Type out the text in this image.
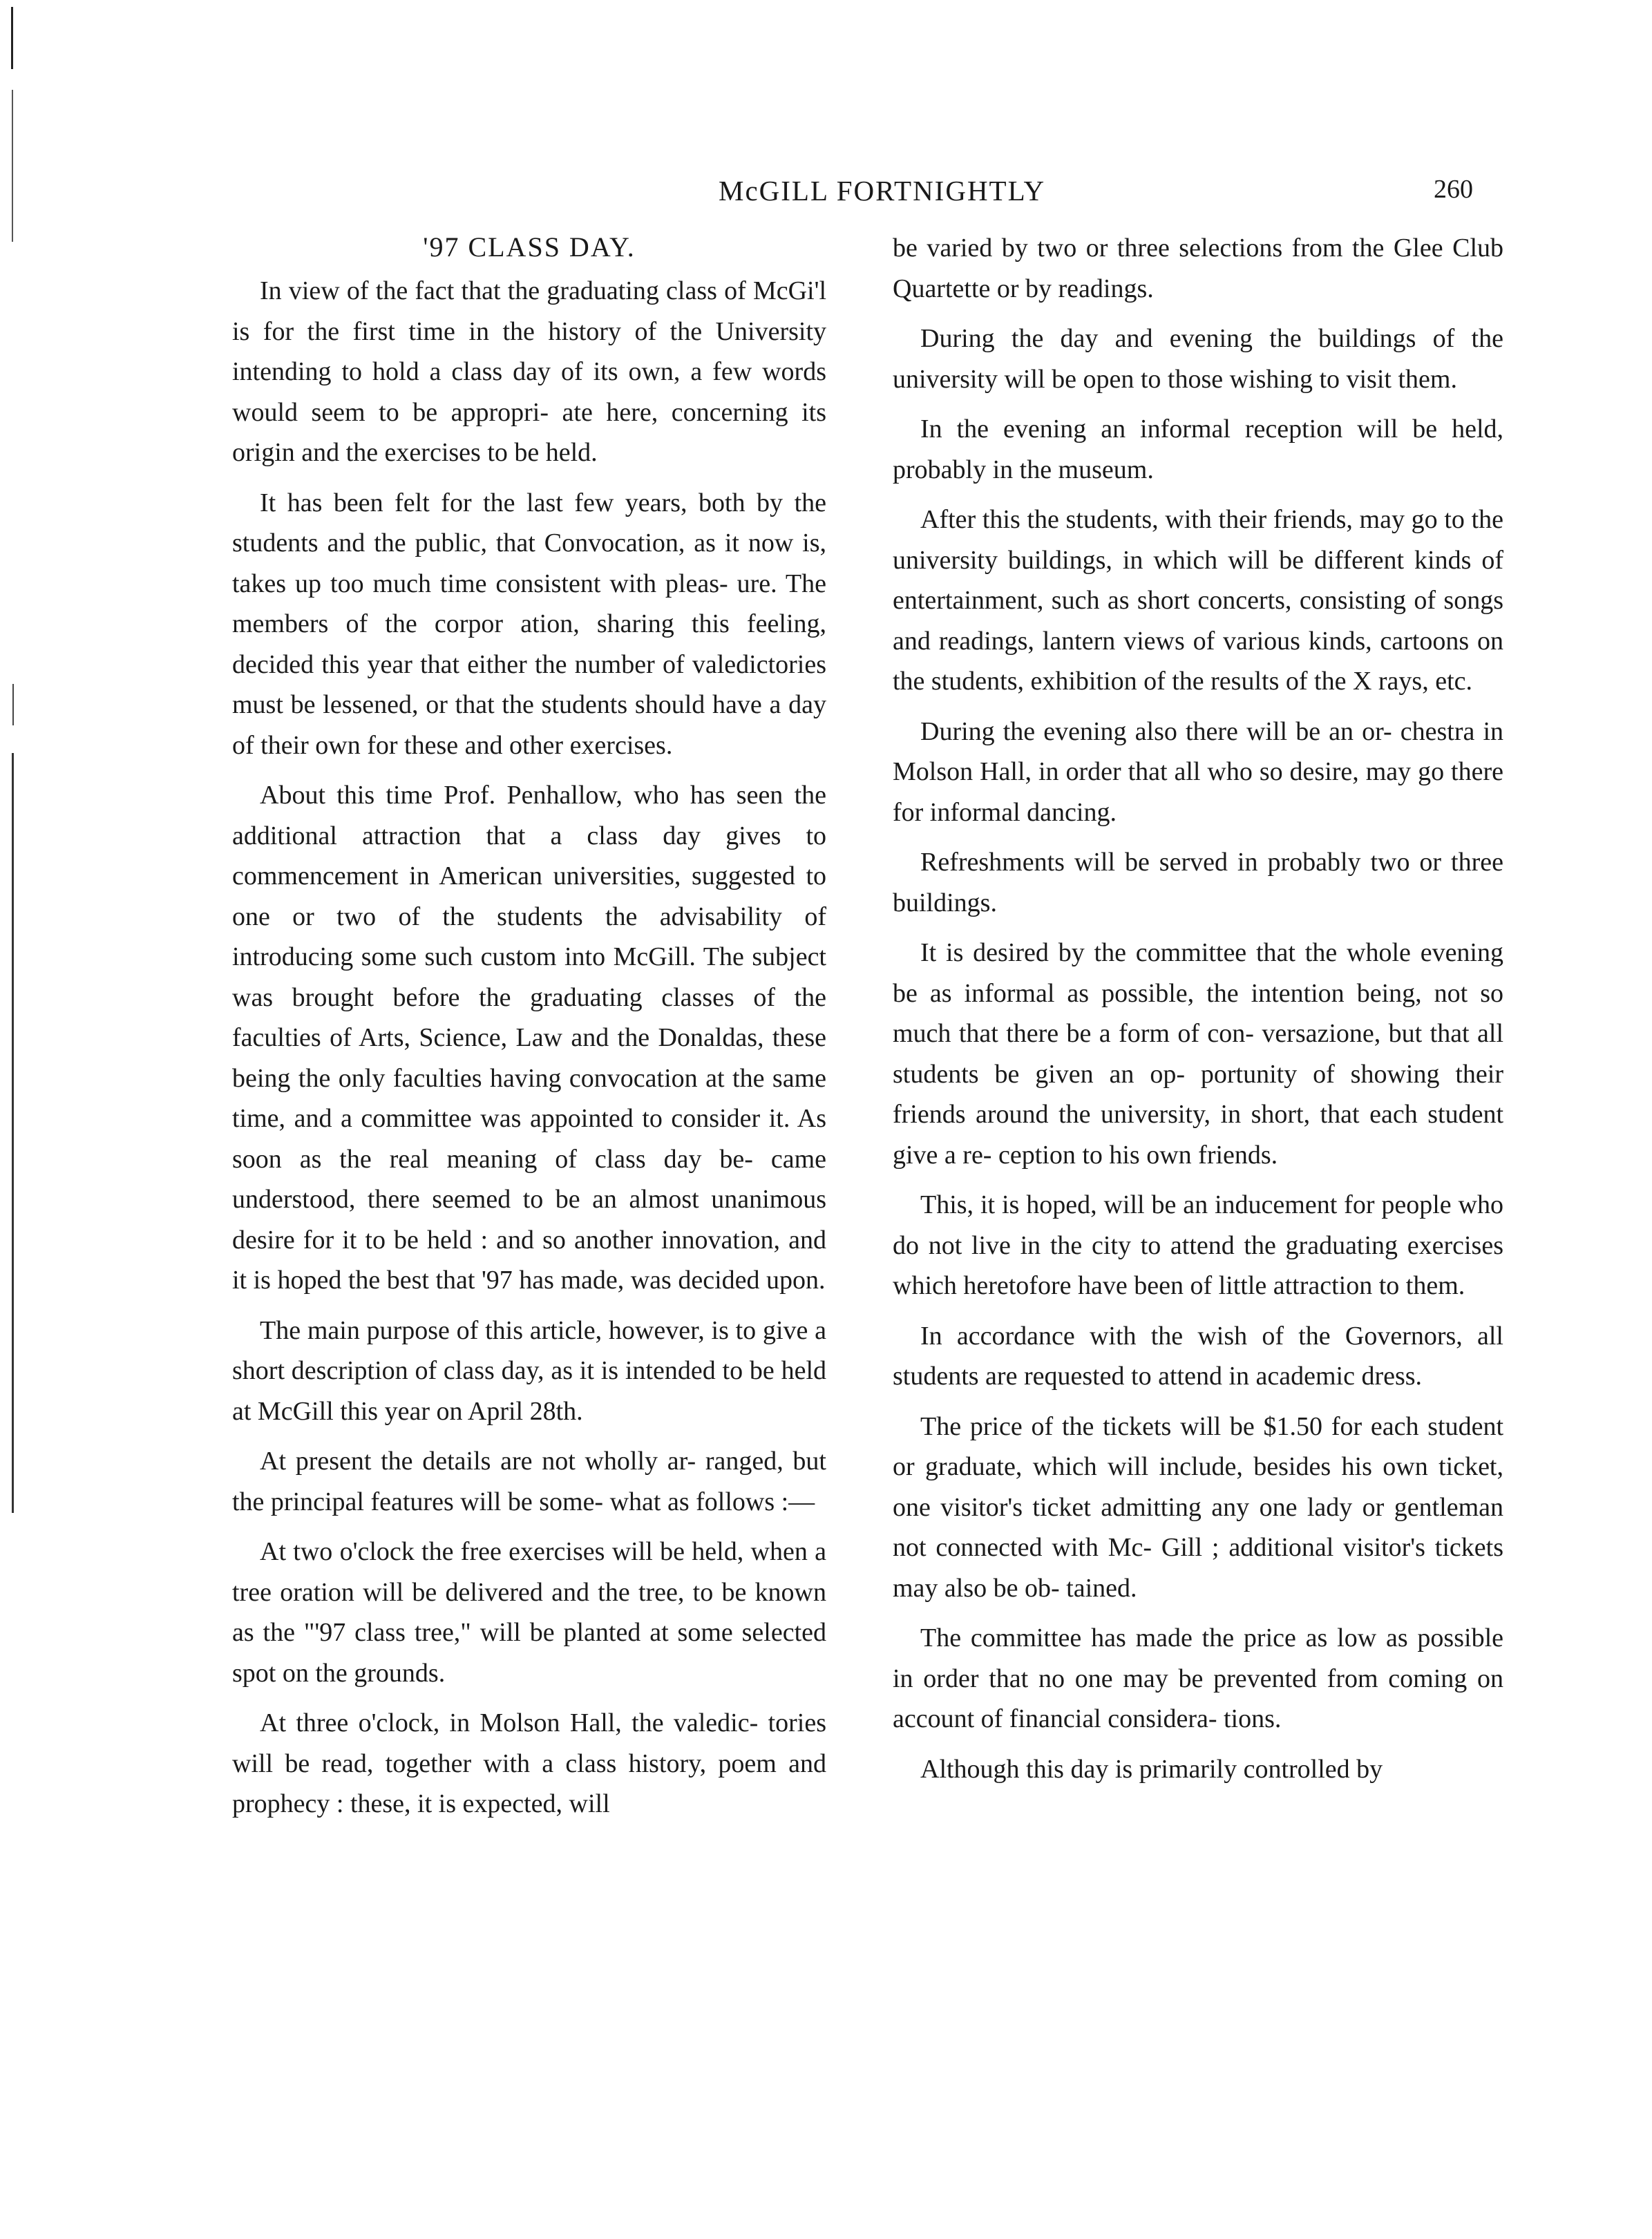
McGILL FORTNIGHTLY	260
'97 CLASS DAY.

In view of the fact that the graduating class of McGi'l is for the first time in the history of the University intending to hold a class day of its own, a few words would seem to be appropri- ate here, concerning its origin and the exercises to be held.

It has been felt for the last few years, both by the students and the public, that Convocation, as it now is, takes up too much time consistent with pleas- ure. The members of the corpor ation, sharing this feeling, decided this year that either the number of valedictories must be lessened, or that the students should have a day of their own for these and other exercises.

About this time Prof. Penhallow, who has seen the additional attraction that a class day gives to commencement in American universities, suggested to one or two of the students the advisability of introducing some such custom into McGill. The subject was brought before the graduating classes of the faculties of Arts, Science, Law and the Donaldas, these being the only faculties having convocation at the same time, and a committee was appointed to consider it. As soon as the real meaning of class day be- came understood, there seemed to be an almost unanimous desire for it to be held : and so another innovation, and it is hoped the best that '97 has made, was decided upon.

The main purpose of this article, however, is to give a short description of class day, as it is intended to be held at McGill this year on April 28th.

At present the details are not wholly ar- ranged, but the principal features will be some- what as follows :—

At two o'clock the free exercises will be held, when a tree oration will be delivered and the tree, to be known as the "'97 class tree," will be planted at some selected spot on the grounds.

At three o'clock, in Molson Hall, the valedic- tories will be read, together with a class history, poem and prophecy : these, it is expected, will

be varied by two or three selections from the Glee Club Quartette or by readings.

During the day and evening the buildings of the university will be open to those wishing to visit them.

In the evening an informal reception will be held, probably in the museum.

After this the students, with their friends, may go to the university buildings, in which will be different kinds of entertainment, such as short concerts, consisting of songs and readings, lantern views of various kinds, cartoons on the students, exhibition of the results of the X rays, etc.

During the evening also there will be an or- chestra in Molson Hall, in order that all who so desire, may go there for informal dancing.

Refreshments will be served in probably two or three buildings.

It is desired by the committee that the whole evening be as informal as possible, the intention being, not so much that there be a form of con- versazione, but that all students be given an op- portunity of showing their friends around the university, in short, that each student give a re- ception to his own friends.

This, it is hoped, will be an inducement for people who do not live in the city to attend the graduating exercises which heretofore have been of little attraction to them.

In accordance with the wish of the Governors, all students are requested to attend in academic dress.

The price of the tickets will be $1.50 for each student or graduate, which will include, besides his own ticket, one visitor's ticket admitting any one lady or gentleman not connected with Mc- Gill ; additional visitor's tickets may also be ob- tained.

The committee has made the price as low as possible in order that no one may be prevented from coming on account of financial considera- tions.

Although this day is primarily controlled by
